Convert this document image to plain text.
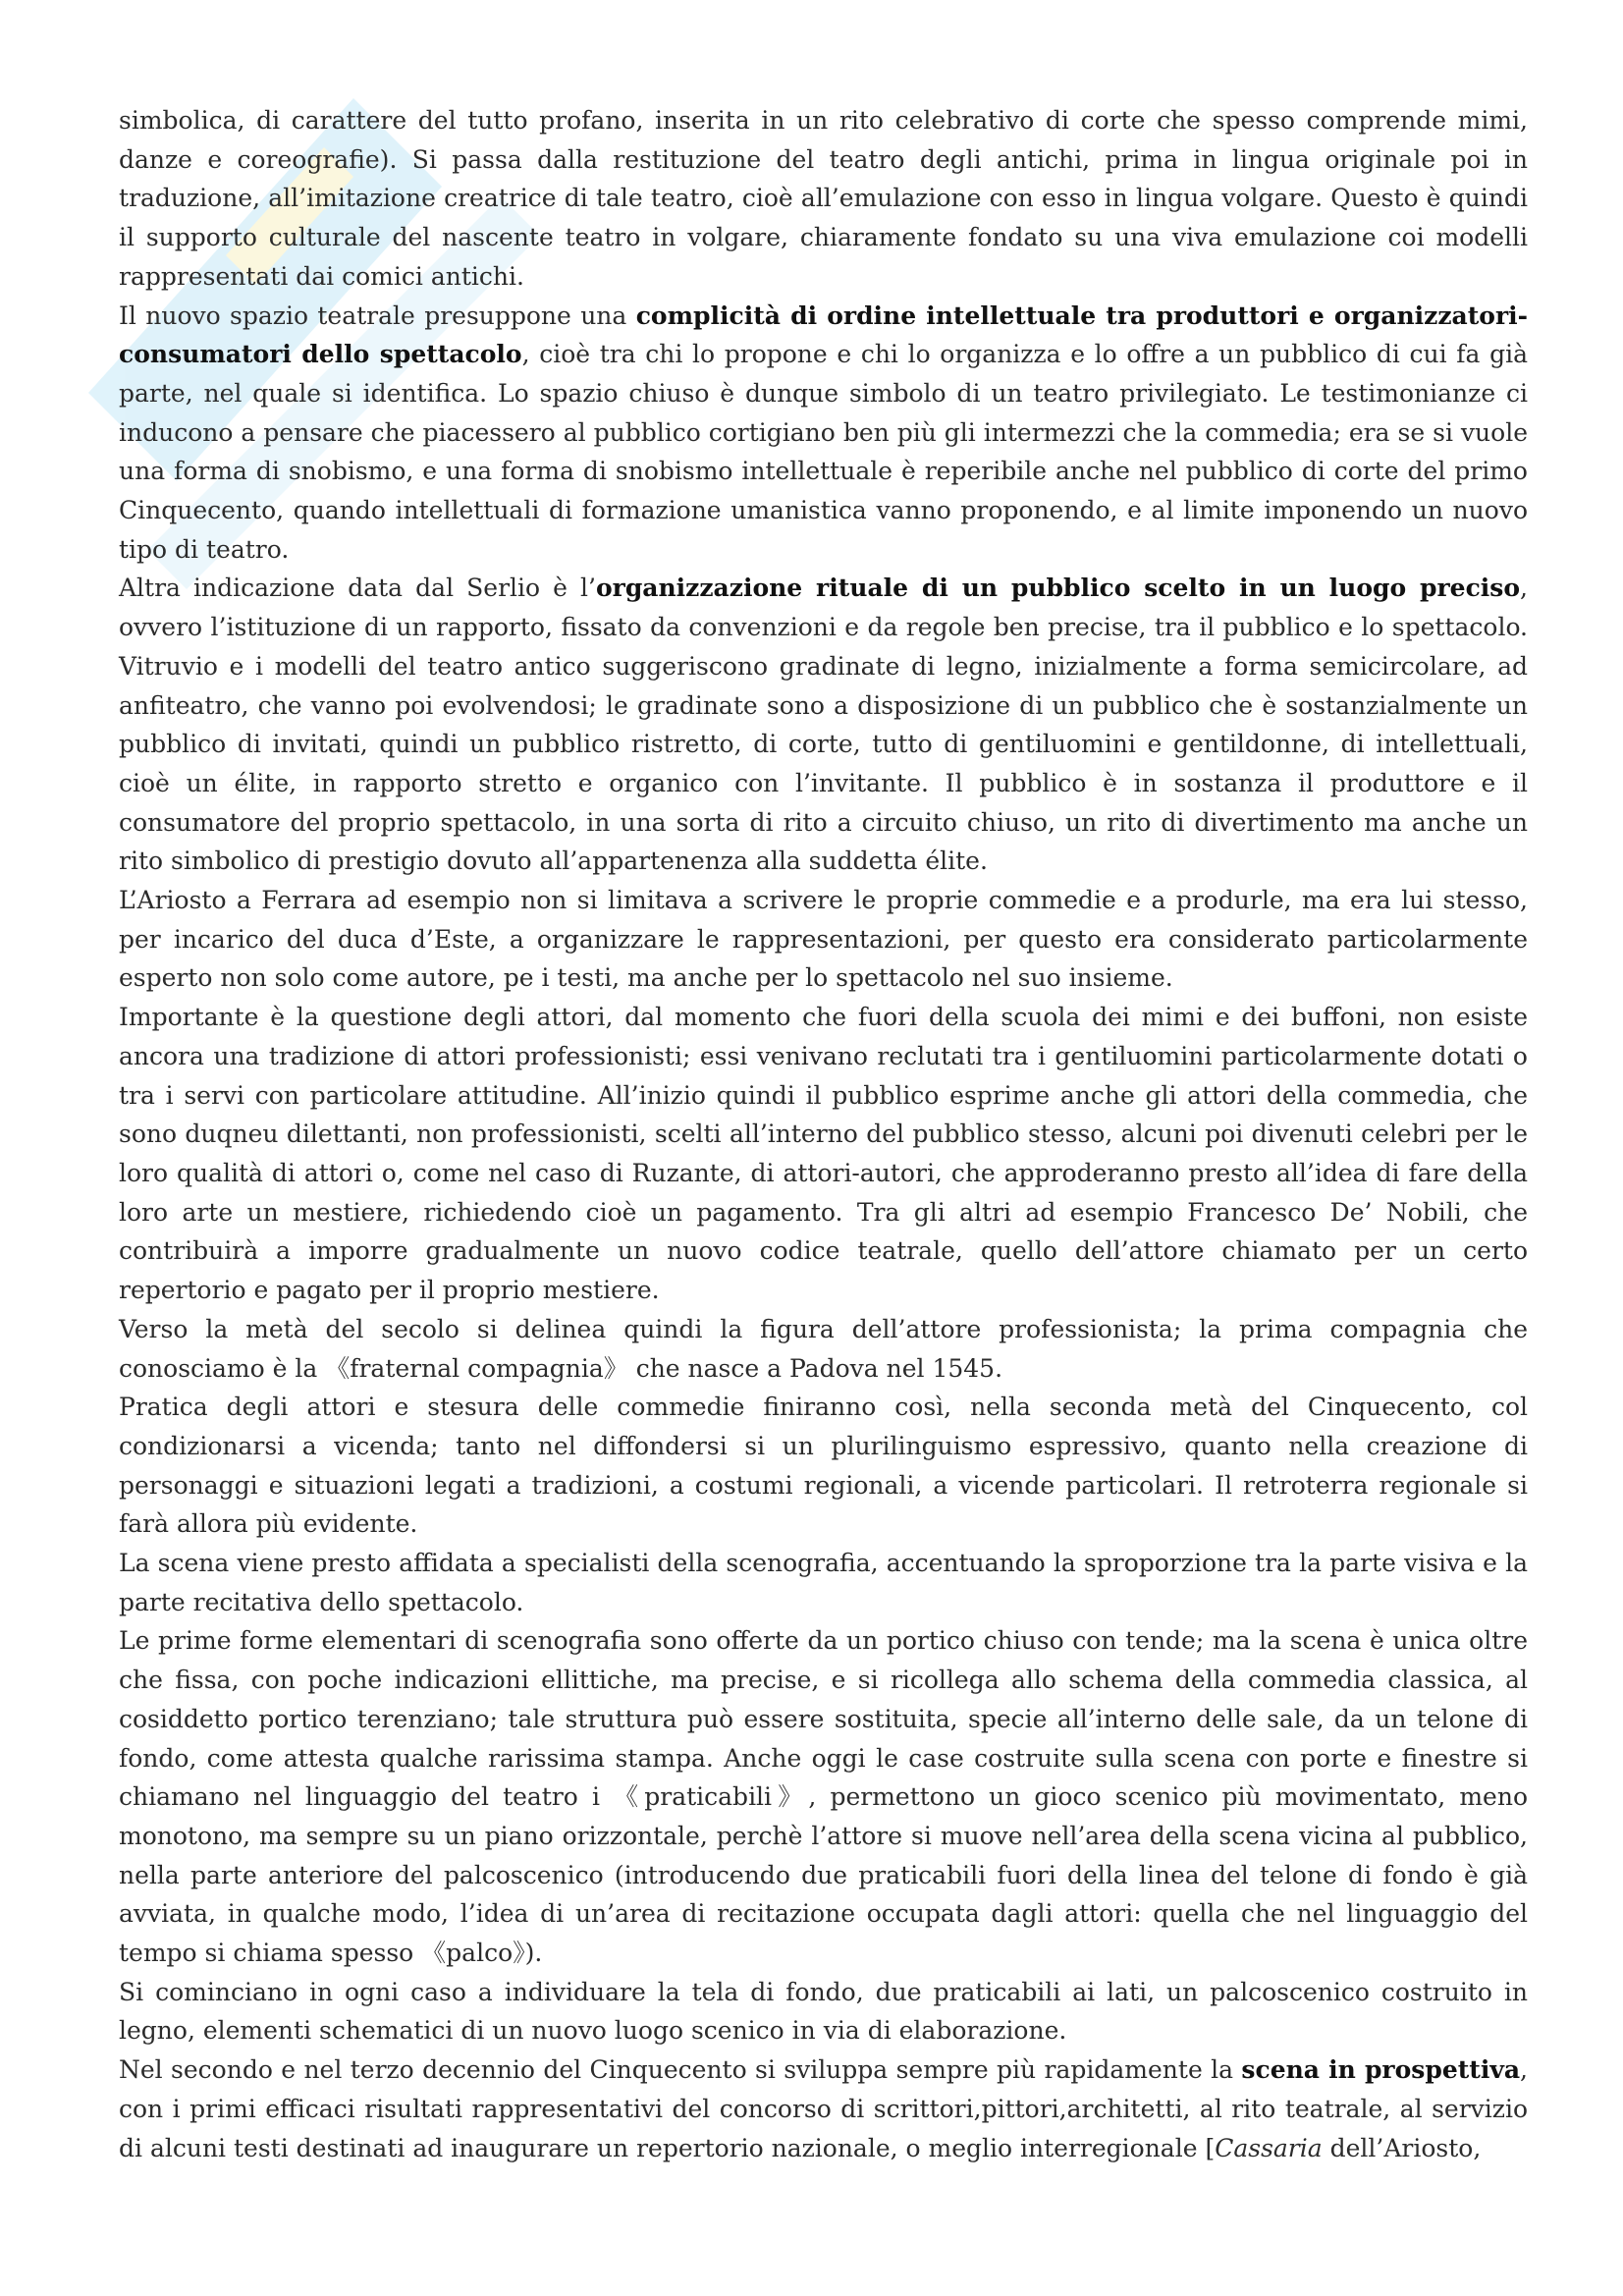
simbolica, di carattere del tutto profano, inserita in un rito celebrativo di corte che spesso comprende mimi, danze e coreografie). Si passa dalla restituzione del teatro degli antichi, prima in lingua originale poi in traduzione, all’imitazione creatrice di tale teatro, cioè all’emulazione con esso in lingua volgare. Questo è quindi il supporto culturale del nascente teatro in volgare, chiaramente fondato su una viva emulazione coi modelli rappresentati dai comici antichi.

Il nuovo spazio teatrale presuppone una complicità di ordine intellettuale tra produttori e organizzatori-consumatori dello spettacolo, cioè tra chi lo propone e chi lo organizza e lo offre a un pubblico di cui fa già parte, nel quale si identifica. Lo spazio chiuso è dunque simbolo di un teatro privilegiato. Le testimonianze ci inducono a pensare che piacessero al pubblico cortigiano ben più gli intermezzi che la commedia; era se si vuole una forma di snobismo, e una forma di snobismo intellettuale è reperibile anche nel pubblico di corte del primo Cinquecento, quando intellettuali di formazione umanistica vanno proponendo, e al limite imponendo un nuovo tipo di teatro.

Altra indicazione data dal Serlio è l’organizzazione rituale di un pubblico scelto in un luogo preciso, ovvero l’istituzione di un rapporto, fissato da convenzioni e da regole ben precise, tra il pubblico e lo spettacolo. Vitruvio e i modelli del teatro antico suggeriscono gradinate di legno, inizialmente a forma semicircolare, ad anfiteatro, che vanno poi evolvendosi; le gradinate sono a disposizione di un pubblico che è sostanzialmente un pubblico di invitati, quindi un pubblico ristretto, di corte, tutto di gentiluomini e gentildonne, di intellettuali, cioè un élite, in rapporto stretto e organico con l’invitante. Il pubblico è in sostanza il produttore e il consumatore del proprio spettacolo, in una sorta di rito a circuito chiuso, un rito di divertimento ma anche un rito simbolico di prestigio dovuto all’appartenenza alla suddetta élite.

L’Ariosto a Ferrara ad esempio non si limitava a scrivere le proprie commedie e a produrle, ma era lui stesso, per incarico del duca d’Este, a organizzare le rappresentazioni, per questo era considerato particolarmente esperto non solo come autore, pe i testi, ma anche per lo spettacolo nel suo insieme.

Importante è la questione degli attori, dal momento che fuori della scuola dei mimi e dei buffoni, non esiste ancora una tradizione di attori professionisti; essi venivano reclutati tra i gentiluomini particolarmente dotati o tra i servi con particolare attitudine. All’inizio quindi il pubblico esprime anche gli attori della commedia, che sono duqneu dilettanti, non professionisti, scelti all’interno del pubblico stesso, alcuni poi divenuti celebri per le loro qualità di attori o, come nel caso di Ruzante, di attori-autori, che approderanno presto all’idea di fare della loro arte un mestiere, richiedendo cioè un pagamento. Tra gli altri ad esempio Francesco De’ Nobili, che contribuirà a imporre gradualmente un nuovo codice teatrale, quello dell’attore chiamato per un certo repertorio e pagato per il proprio mestiere.

Verso la metà del secolo si delinea quindi la figura dell’attore professionista; la prima compagnia che conosciamo è la 《fraternal compagnia》 che nasce a Padova nel 1545.

Pratica degli attori e stesura delle commedie finiranno così, nella seconda metà del Cinquecento, col condizionarsi a vicenda; tanto nel diffondersi si un plurilinguismo espressivo, quanto nella creazione di personaggi e situazioni legati a tradizioni, a costumi regionali, a vicende particolari. Il retroterra regionale si farà allora più evidente.

La scena viene presto affidata a specialisti della scenografia, accentuando la sproporzione tra la parte visiva e la parte recitativa dello spettacolo.

Le prime forme elementari di scenografia sono offerte da un portico chiuso con tende; ma la scena è unica oltre che fissa, con poche indicazioni ellittiche, ma precise, e si ricollega allo schema della commedia classica, al cosiddetto portico terenziano; tale struttura può essere sostituita, specie all’interno delle sale, da un telone di fondo, come attesta qualche rarissima stampa. Anche oggi le case costruite sulla scena con porte e finestre si chiamano nel linguaggio del teatro i 《praticabili》, permettono un gioco scenico più movimentato, meno monotono, ma sempre su un piano orizzontale, perchè l’attore si muove nell’area della scena vicina al pubblico, nella parte anteriore del palcoscenico (introducendo due praticabili fuori della linea del telone di fondo è già avviata, in qualche modo, l’idea di un’area di recitazione occupata dagli attori: quella che nel linguaggio del tempo si chiama spesso 《palco》).

Si cominciano in ogni caso a individuare la tela di fondo, due praticabili ai lati, un palcoscenico costruito in legno, elementi schematici di un nuovo luogo scenico in via di elaborazione.

Nel secondo e nel terzo decennio del Cinquecento si sviluppa sempre più rapidamente la scena in prospettiva, con i primi efficaci risultati rappresentativi del concorso di scrittori,pittori,architetti, al rito teatrale, al servizio di alcuni testi destinati ad inaugurare un repertorio nazionale, o meglio interregionale [Cassaria dell’Ariosto,
